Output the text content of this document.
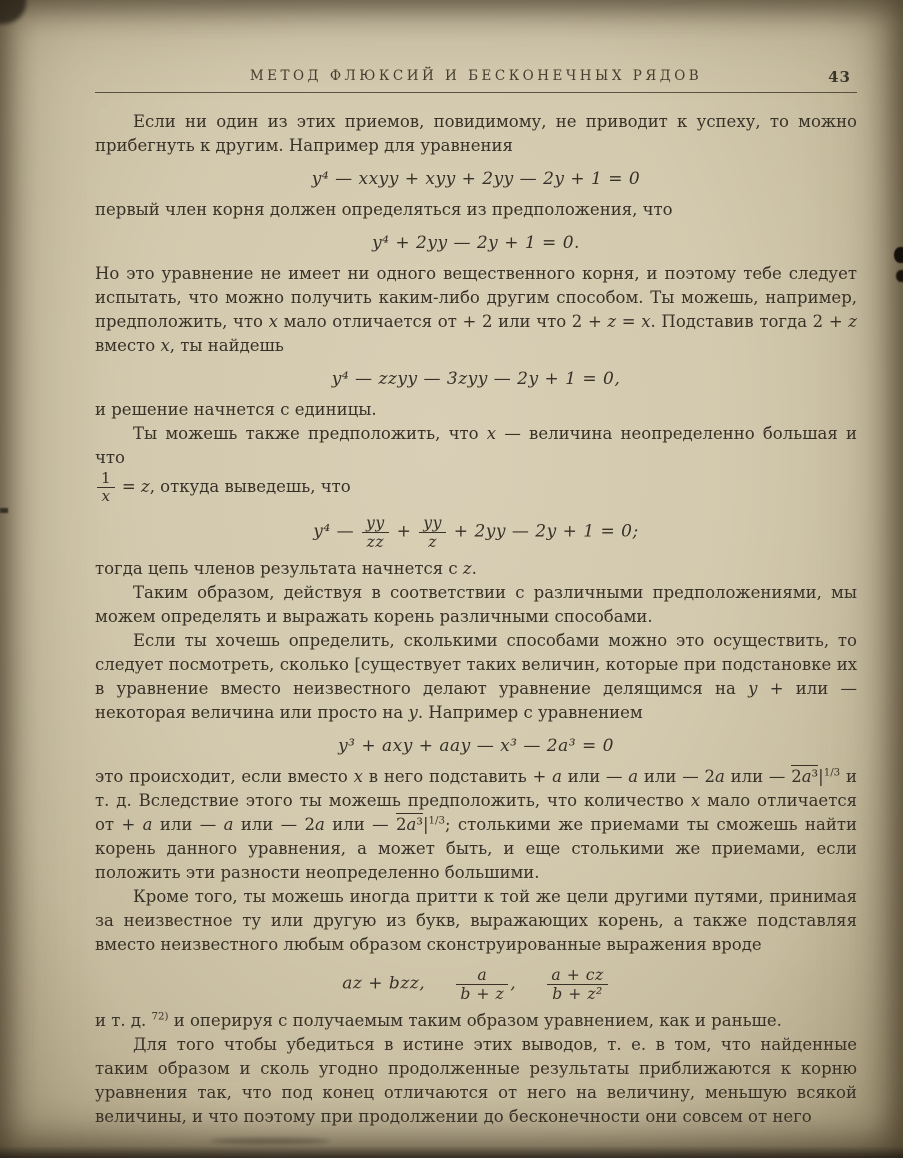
МЕТОД ФЛЮКСИЙ И БЕСКОНЕЧНЫХ РЯДОВ	43
Если ни один из этих приемов, повидимому, не приводит к успеху, то можно прибегнуть к другим. Например для уравнения
y⁴ — xxyy + xyy + 2yy — 2y + 1 = 0
первый член корня должен определяться из предположения, что
y⁴ + 2yy — 2y + 1 = 0.
Но это уравнение не имеет ни одного вещественного корня, и поэтому тебе следует испытать, что можно получить каким-либо другим способом. Ты можешь, например, предположить, что x мало отличается от + 2 или что 2 + z = x. Подставив тогда 2 + z вместо x, ты найдешь
y⁴ — zzyy — 3zyy — 2y + 1 = 0,
и решение начнется с единицы.
Ты можешь также предположить, что x — величина неопределенно большая и что
$\frac{1}{x} = z$, откуда выведешь, что
y⁴ — $\frac{yy}{zz} + \frac{yy}{z} + 2yy$ — 2y + 1 = 0;
тогда цепь членов результата начнется с z.
Таким образом, действуя в соответствии с различными предположениями, мы можем определять и выражать корень различными способами.
Если ты хочешь определить, сколькими способами можно это осуществить, то следует посмотреть, сколько [существует таких величин, которые при подстановке их в уравнение вместо неизвестного делают уравнение делящимся на y + или — некоторая величина или просто на y. Например с уравнением
y³ + axy + aay — x³ — 2a³ = 0
это происходит, если вместо x в него подставить + a или — a или — 2a или — $2a^3|^{1/3}$ и т. д. Вследствие этого ты можешь предположить, что количество x мало отличается от + a или — a или — 2a или — $2a^3|^{1/3}$; столькими же приемами ты сможешь найти корень данного уравнения, а может быть, и еще столькими же приемами, если положить эти разности неопределенно большими.
Кроме того, ты можешь иногда притти к той же цели другими путями, принимая за неизвестное ту или другую из букв, выражающих корень, а также подставляя вместо неизвестного любым образом сконструированные выражения вроде
az + bzz,   $\frac{a}{b + z}$ ,   $\frac{a + cz}{\text{b + z²}}$
и т. д. $^{72)}$ и оперируя с получаемым таким образом уравнением, как и раньше.
Для того чтобы убедиться в истине этих выводов, т. е. в том, что найденные таким образом и сколь угодно продолженные результаты приближаются к корню уравнения так, что под конец отличаются от него на величину, меньшую всякой величины, и что поэтому при продолжении до бесконечности они совсем от него
